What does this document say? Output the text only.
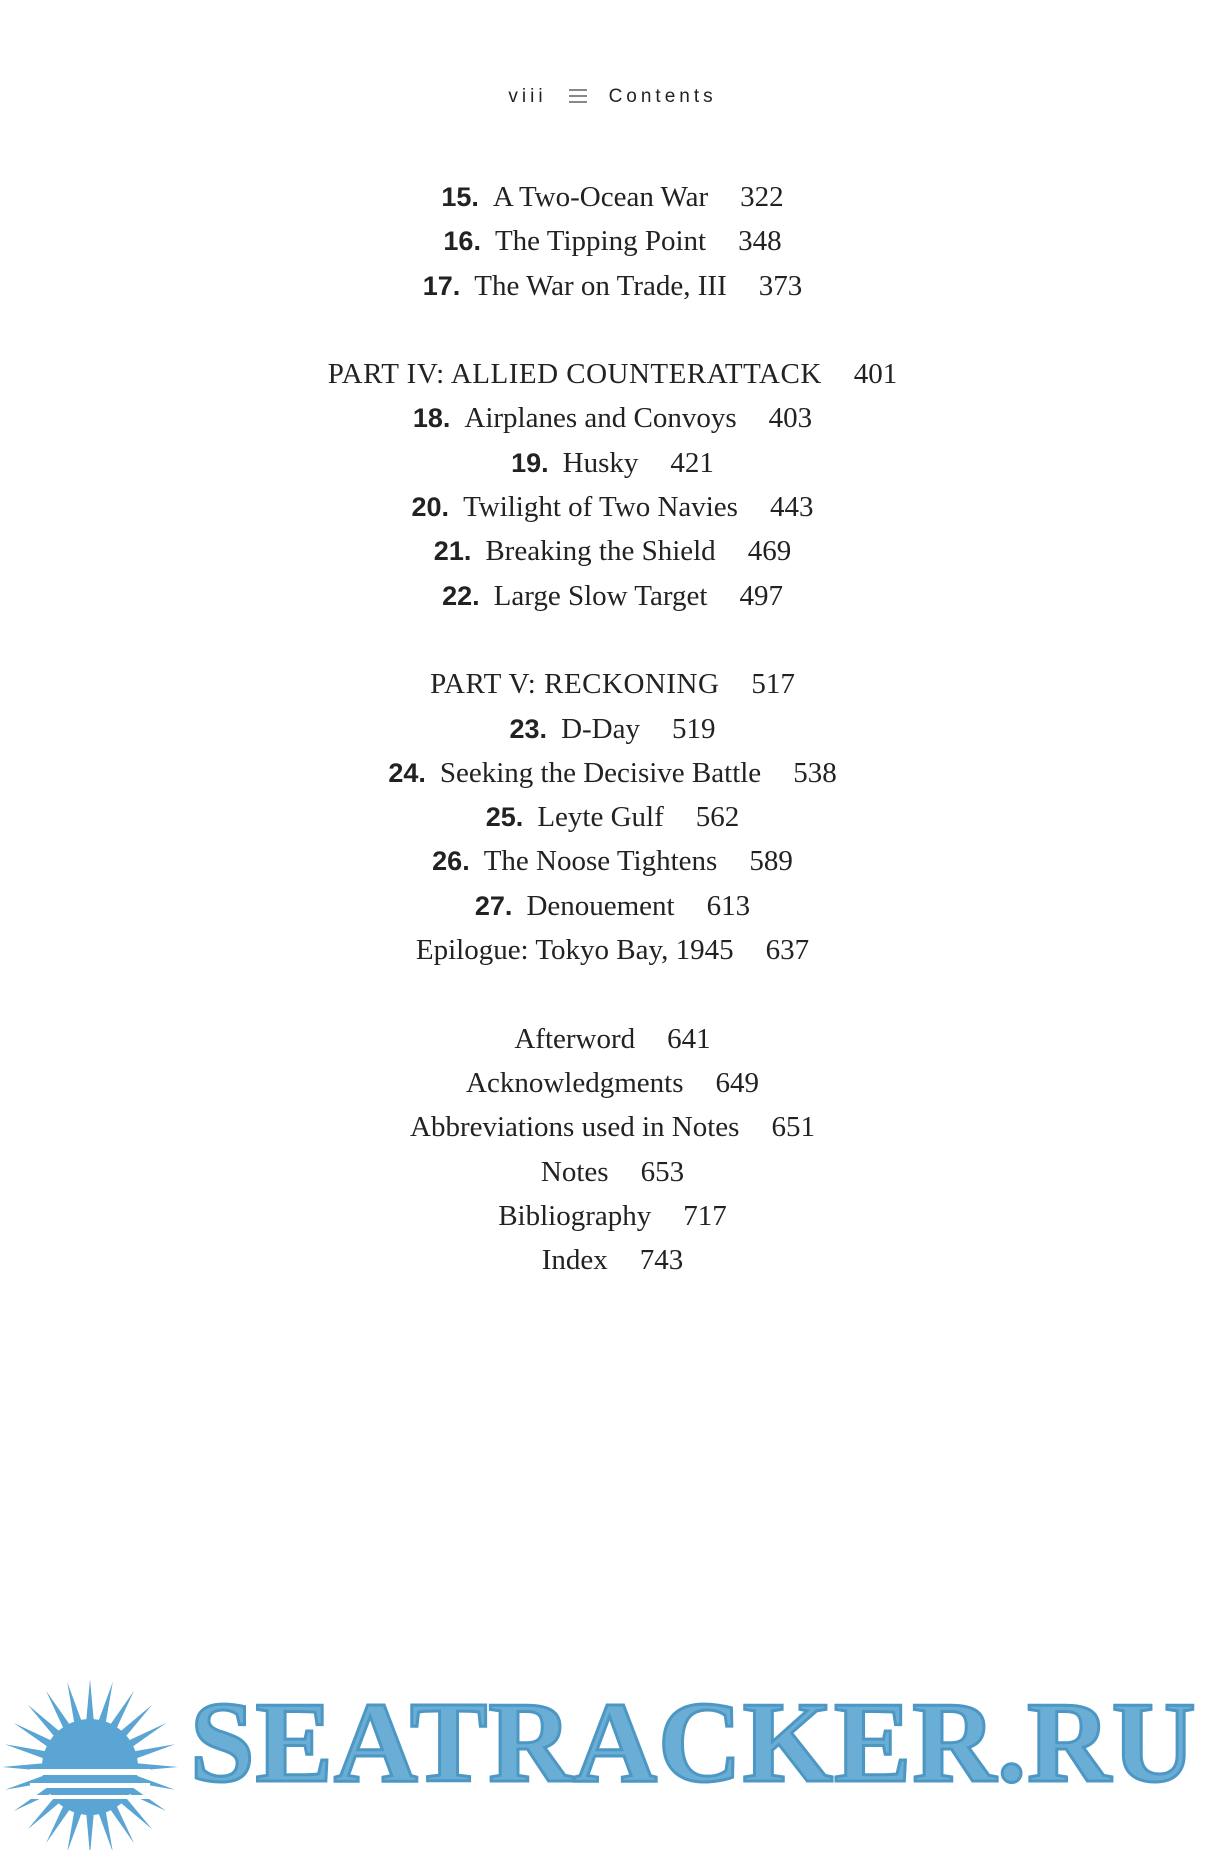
viii	Contents
15. A Two-Ocean War 322
16. The Tipping Point 348
17. The War on Trade, III 373
PART IV: ALLIED COUNTERATTACK 401
18. Airplanes and Convoys 403
19. Husky 421
20. Twilight of Two Navies 443
21. Breaking the Shield 469
22. Large Slow Target 497
PART V: RECKONING 517
23. D-Day 519
24. Seeking the Decisive Battle 538
25. Leyte Gulf 562
26. The Noose Tightens 589
27. Denouement 613
Epilogue: Tokyo Bay, 1945 637
Afterword 641
Acknowledgments 649
Abbreviations used in Notes 651
Notes 653
Bibliography 717
Index 743
SEATRACKER.RU
